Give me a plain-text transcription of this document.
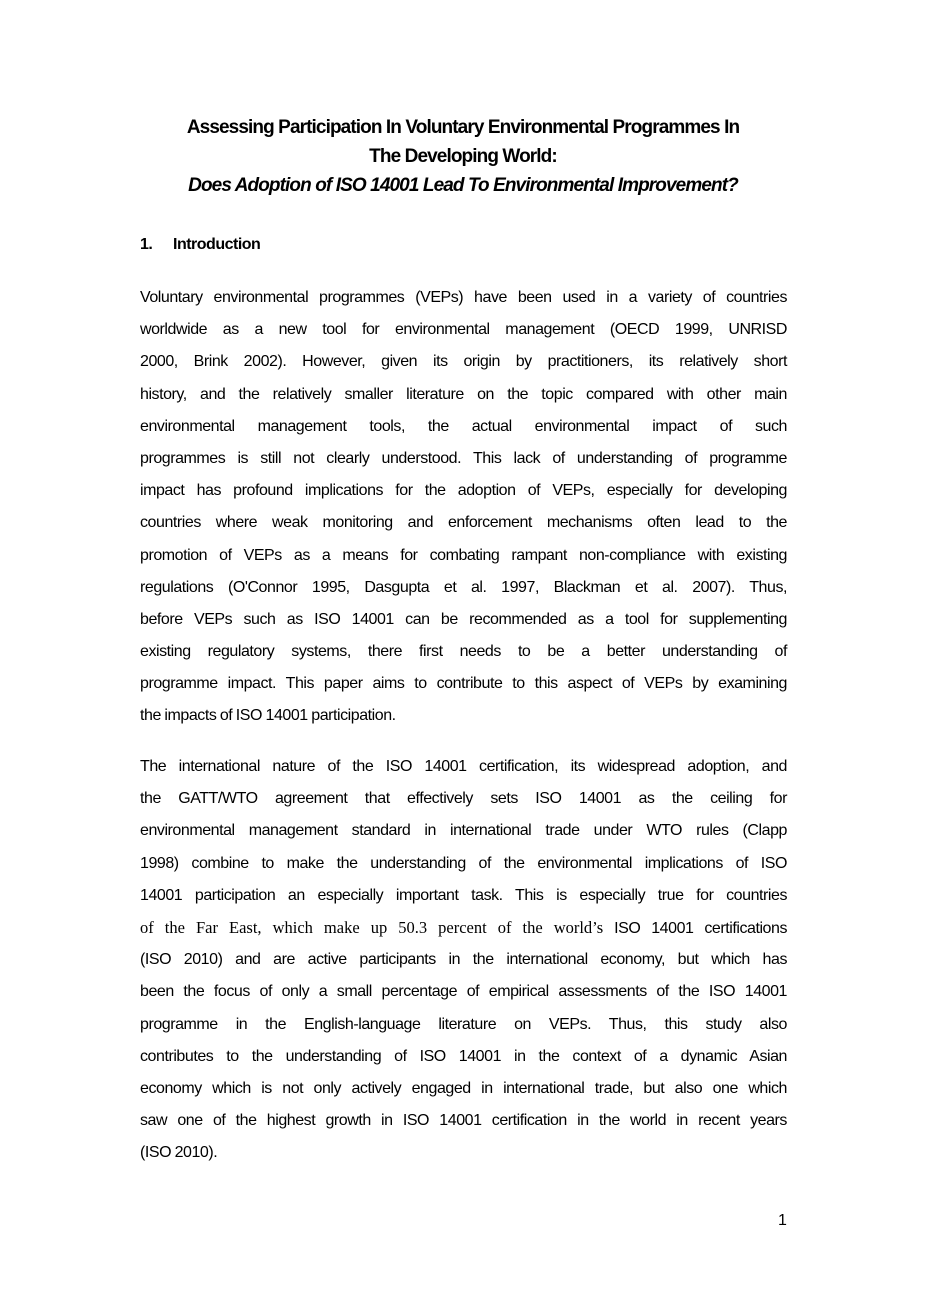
Assessing Participation In Voluntary Environmental Programmes In
The Developing World:
Does Adoption of ISO 14001 Lead To Environmental Improvement?
1. Introduction
Voluntary environmental programmes (VEPs) have been used in a variety of countries
worldwide as a new tool for environmental management (OECD 1999, UNRISD
2000, Brink 2002). However, given its origin by practitioners, its relatively short
history, and the relatively smaller literature on the topic compared with other main
environmental management tools, the actual environmental impact of such
programmes is still not clearly understood. This lack of understanding of programme
impact has profound implications for the adoption of VEPs, especially for developing
countries where weak monitoring and enforcement mechanisms often lead to the
promotion of VEPs as a means for combating rampant non-compliance with existing
regulations (O'Connor 1995, Dasgupta et al. 1997, Blackman et al. 2007). Thus,
before VEPs such as ISO 14001 can be recommended as a tool for supplementing
existing regulatory systems, there first needs to be a better understanding of
programme impact. This paper aims to contribute to this aspect of VEPs by examining
the impacts of ISO 14001 participation.
The international nature of the ISO 14001 certification, its widespread adoption, and
the GATT/WTO agreement that effectively sets ISO 14001 as the ceiling for
environmental management standard in international trade under WTO rules (Clapp
1998) combine to make the understanding of the environmental implications of ISO
14001 participation an especially important task. This is especially true for countries
of the Far East, which make up 50.3 percent of the world’s ISO 14001 certifications
(ISO 2010) and are active participants in the international economy, but which has
been the focus of only a small percentage of empirical assessments of the ISO 14001
programme in the English-language literature on VEPs. Thus, this study also
contributes to the understanding of ISO 14001 in the context of a dynamic Asian
economy which is not only actively engaged in international trade, but also one which
saw one of the highest growth in ISO 14001 certification in the world in recent years
(ISO 2010).
1
